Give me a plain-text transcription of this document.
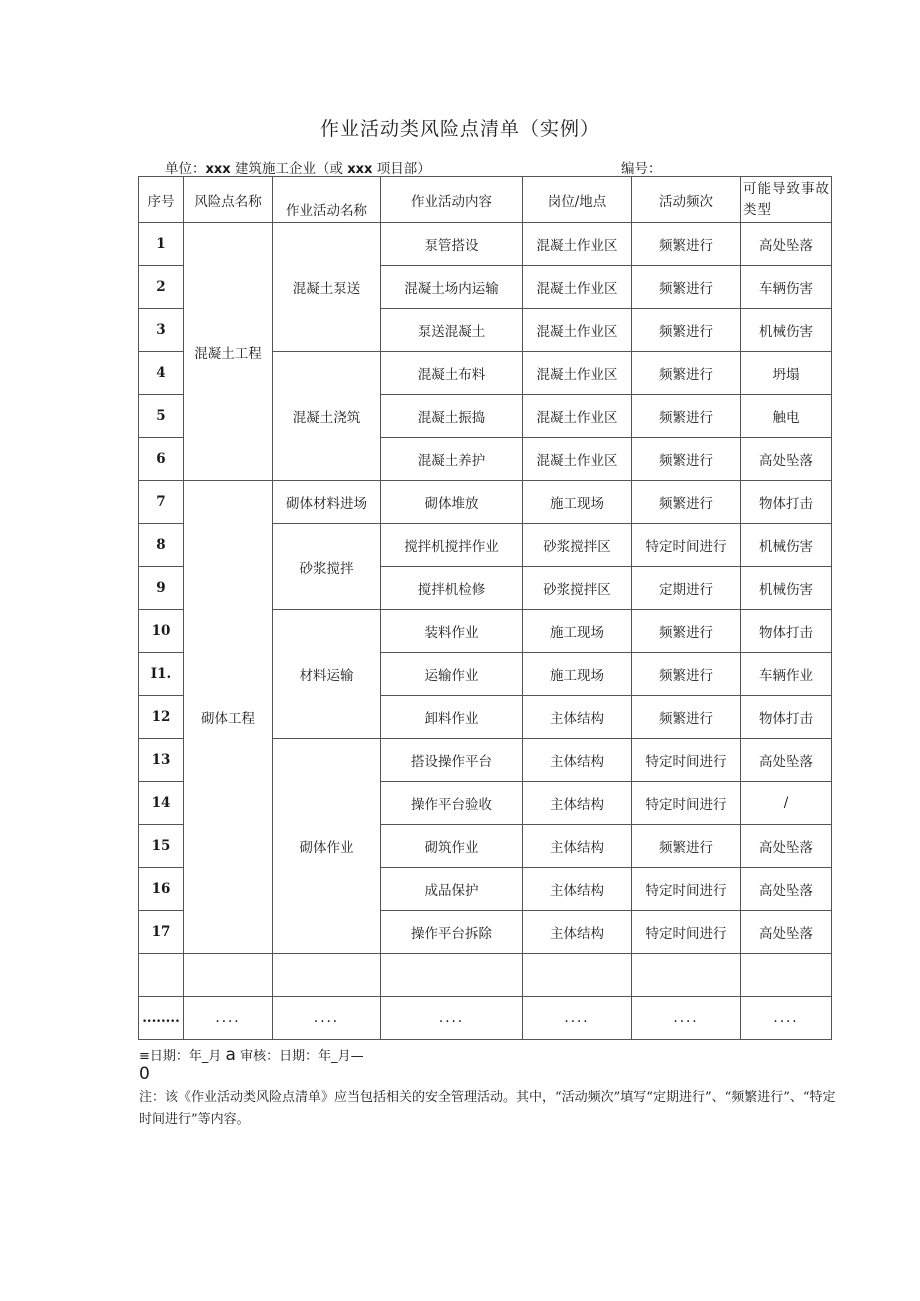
作业活动类风险点清单（实例）
单位：xxx 建筑施工企业（或 xxx 项目部）	编号：
序号	风险点名称	作业活动名称	作业活动内容	岗位/地点	活动频次	可能导致事故类型
1	混凝土工程	混凝土泵送	泵管搭设	混凝土作业区	频繁进行	高处坠落
2			混凝土场内运输	混凝土作业区	频繁进行	车辆伤害
3			泵送混凝土	混凝土作业区	频繁进行	机械伤害
4		混凝土浇筑	混凝土布料	混凝土作业区	频繁进行	坍塌
5			混凝土振捣	混凝土作业区	频繁进行	触电
6			混凝土养护	混凝土作业区	频繁进行	高处坠落
7	砌体工程	砌体材料进场	砌体堆放	施工现场	频繁进行	物体打击
8		砂浆搅拌	搅拌机搅拌作业	砂浆搅拌区	特定时间进行	机械伤害
9			搅拌机检修	砂浆搅拌区	定期进行	机械伤害
10		材料运输	装料作业	施工现场	频繁进行	物体打击
I1.			运输作业	施工现场	频繁进行	车辆作业
12			卸料作业	主体结构	频繁进行	物体打击
13		砌体作业	搭设操作平台	主体结构	特定时间进行	高处坠落
14			操作平台验收	主体结构	特定时间进行	/
15			砌筑作业	主体结构	频繁进行	高处坠落
16			成品保护	主体结构	特定时间进行	高处坠落
17			操作平台拆除	主体结构	特定时间进行	高处坠落

........	....	....	....	....	....	....
≡日期：年_月 a 审核：日期：年_月—
0
注：该《作业活动类风险点清单》应当包括相关的安全管理活动。其中，“活动频次”填写“定期进行”、“频繁进行”、“特定时间进行”等内容。
